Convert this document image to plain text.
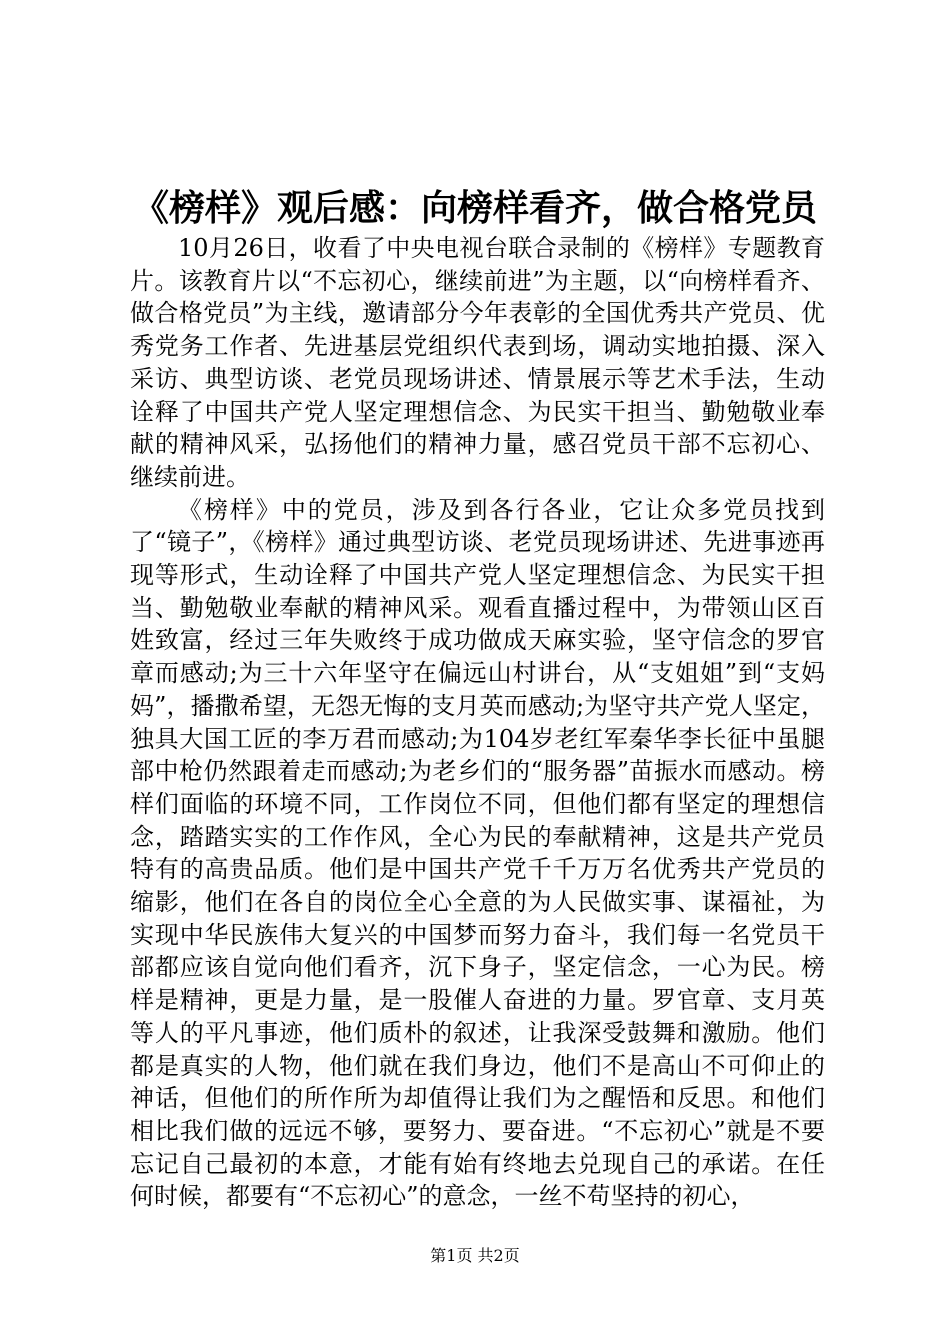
《榜样》观后感：向榜样看齐，做合格党员

10月26日，收看了中央电视台联合录制的《榜样》专题教育片。该教育片以“不忘初心，继续前进”为主题，以“向榜样看齐、做合格党员”为主线，邀请部分今年表彰的全国优秀共产党员、优秀党务工作者、先进基层党组织代表到场，调动实地拍摄、深入采访、典型访谈、老党员现场讲述、情景展示等艺术手法，生动诠释了中国共产党人坚定理想信念、为民实干担当、勤勉敬业奉献的精神风采，弘扬他们的精神力量，感召党员干部不忘初心、继续前进。

《榜样》中的党员，涉及到各行各业，它让众多党员找到了“镜子”，《榜样》通过典型访谈、老党员现场讲述、先进事迹再现等形式，生动诠释了中国共产党人坚定理想信念、为民实干担当、勤勉敬业奉献的精神风采。观看直播过程中，为带领山区百姓致富，经过三年失败终于成功做成天麻实验，坚守信念的罗官章而感动;为三十六年坚守在偏远山村讲台，从“支姐姐”到“支妈妈”，播撒希望，无怨无悔的支月英而感动;为坚守共产党人坚定，独具大国工匠的李万君而感动;为104岁老红军秦华李长征中虽腿部中枪仍然跟着走而感动;为老乡们的“服务器”苗振水而感动。榜样们面临的环境不同，工作岗位不同，但他们都有坚定的理想信念，踏踏实实的工作作风，全心为民的奉献精神，这是共产党员特有的高贵品质。他们是中国共产党千千万万名优秀共产党员的缩影，他们在各自的岗位全心全意的为人民做实事、谋福祉，为实现中华民族伟大复兴的中国梦而努力奋斗，我们每一名党员干部都应该自觉向他们看齐，沉下身子，坚定信念，一心为民。榜样是精神，更是力量，是一股催人奋进的力量。罗官章、支月英等人的平凡事迹，他们质朴的叙述，让我深受鼓舞和激励。他们都是真实的人物，他们就在我们身边，他们不是高山不可仰止的神话，但他们的所作所为却值得让我们为之醒悟和反思。和他们相比我们做的远远不够，要努力、要奋进。“不忘初心”就是不要忘记自己最初的本意，才能有始有终地去兑现自己的承诺。在任何时候，都要有“不忘初心”的意念，一丝不苟坚持的初心，

第1页 共2页
